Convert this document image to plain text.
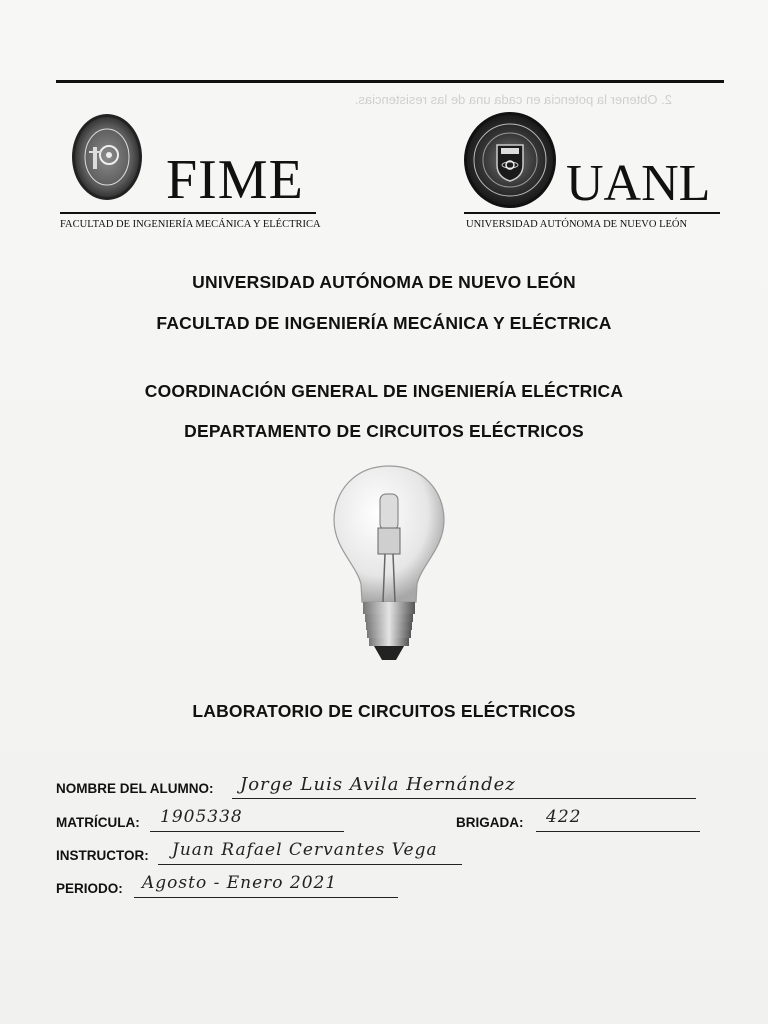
2. Obtener la potencia en cada una de las resistencias.
FIME
FACULTAD DE INGENIERÍA MECÁNICA Y ELÉCTRICA
UANL
UNIVERSIDAD AUTÓNOMA DE NUEVO LEÓN
UNIVERSIDAD AUTÓNOMA DE NUEVO LEÓN
FACULTAD DE INGENIERÍA MECÁNICA Y ELÉCTRICA
COORDINACIÓN GENERAL DE INGENIERÍA ELÉCTRICA
DEPARTAMENTO DE CIRCUITOS ELÉCTRICOS
LABORATORIO DE CIRCUITOS ELÉCTRICOS
NOMBRE DEL ALUMNO: Jorge Luis Avila Hernández
MATRÍCULA: 1905338	BRIGADA: 422
INSTRUCTOR: Juan Rafael Cervantes Vega
PERIODO: Agosto - Enero 2021
